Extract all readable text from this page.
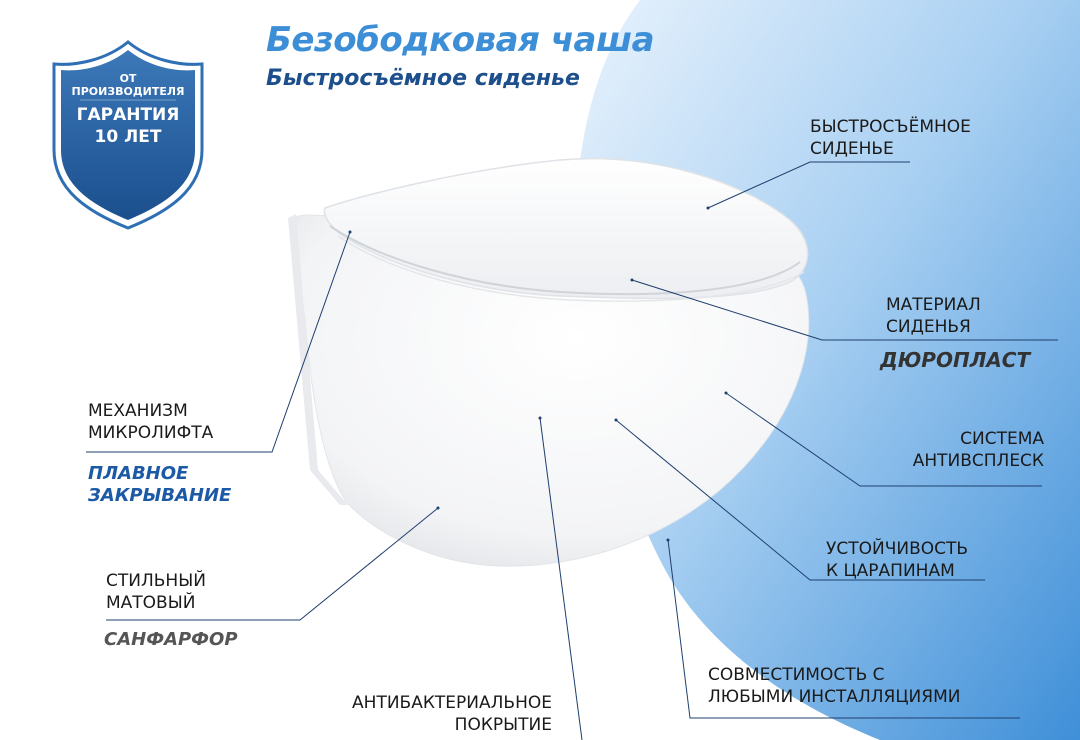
ОТ
ПРОИЗВОДИТЕЛЯ
ГАРАНТИЯ
10 ЛЕТ
Безободковая чаша
Быстросъёмное сиденье
БЫСТРОСЪЁМНОЕ
СИДЕНЬЕ
МАТЕРИАЛ
СИДЕНЬЯ
ДЮРОПЛАСТ
СИСТЕМА
АНТИВСПЛЕСК
УСТОЙЧИВОСТЬ
К ЦАРАПИНАМ
СОВМЕСТИМОСТЬ С
ЛЮБЫМИ ИНСТАЛЛЯЦИЯМИ
АНТИБАКТЕРИАЛЬНОЕ
ПОКРЫТИЕ
МЕХАНИЗМ
МИКРОЛИФТА
ПЛАВНОЕ
ЗАКРЫВАНИЕ
СТИЛЬНЫЙ
МАТОВЫЙ
САНФАРФОР
